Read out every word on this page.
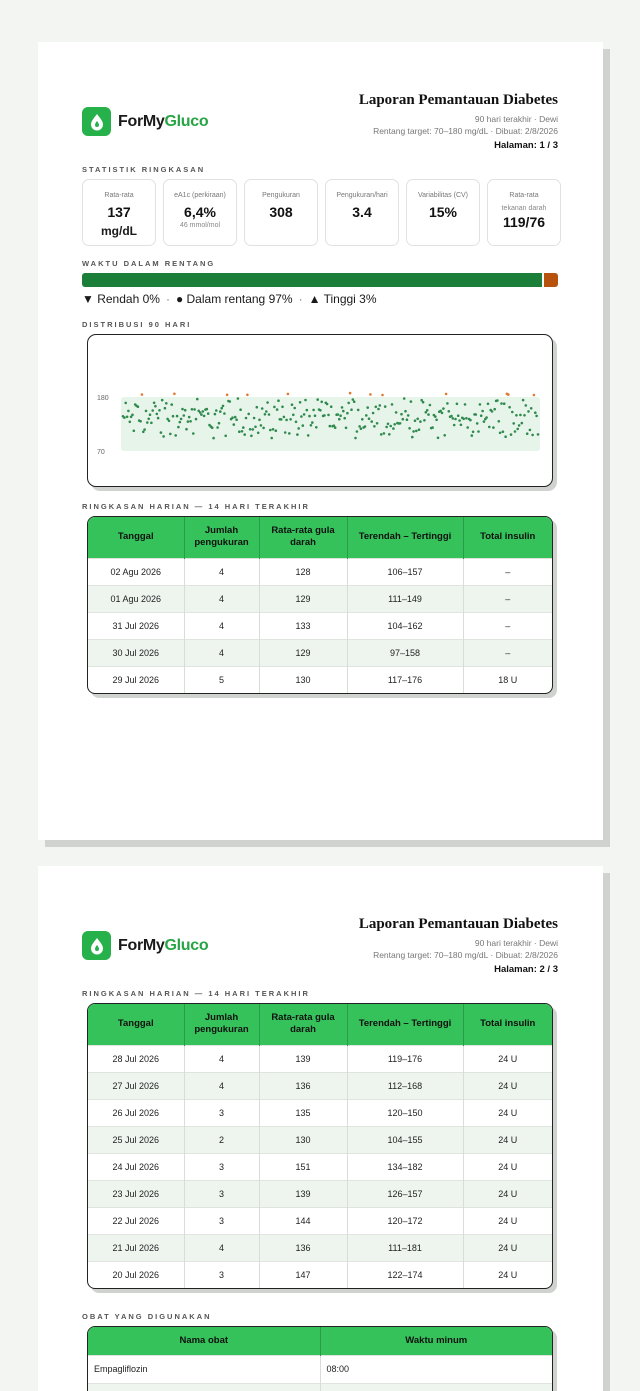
ForMyGluco
Laporan Pemantauan Diabetes
90 hari terakhir · Dewi
Rentang target: 70–180 mg/dL · Dibuat: 2/8/2026
Halaman: 1 / 3
STATISTIK RINGKASAN
Rata-rata
137
mg/dL
eA1c (perkiraan)
6,4%
46 mmol/mol
Pengukuran
308
Pengukuran/hari
3.4
Variabilitas (CV)
15%
Rata-rata
tekanan darah
119/76
WAKTU DALAM RENTANG
▼ Rendah 0% · ● Dalam rentang 97% · ▲ Tinggi 3%
DISTRIBUSI 90 HARI
180
70
RINGKASAN HARIAN — 14 HARI TERAKHIR
Tanggal	Jumlah pengukuran	Rata-rata gula darah	Terendah – Tertinggi	Total insulin
02 Agu 2026	4	128	106–157	–
01 Agu 2026	4	129	111–149	–
31 Jul 2026	4	133	104–162	–
30 Jul 2026	4	129	97–158	–
29 Jul 2026	5	130	117–176	18 U
ForMyGluco
Laporan Pemantauan Diabetes
90 hari terakhir · Dewi
Rentang target: 70–180 mg/dL · Dibuat: 2/8/2026
Halaman: 2 / 3
RINGKASAN HARIAN — 14 HARI TERAKHIR
Tanggal	Jumlah pengukuran	Rata-rata gula darah	Terendah – Tertinggi	Total insulin
28 Jul 2026	4	139	119–176	24 U
27 Jul 2026	4	136	112–168	24 U
26 Jul 2026	3	135	120–150	24 U
25 Jul 2026	2	130	104–155	24 U
24 Jul 2026	3	151	134–182	24 U
23 Jul 2026	3	139	126–157	24 U
22 Jul 2026	3	144	120–172	24 U
21 Jul 2026	4	136	111–181	24 U
20 Jul 2026	3	147	122–174	24 U
OBAT YANG DIGUNAKAN
Nama obat	Waktu minum
Empagliflozin	08:00
